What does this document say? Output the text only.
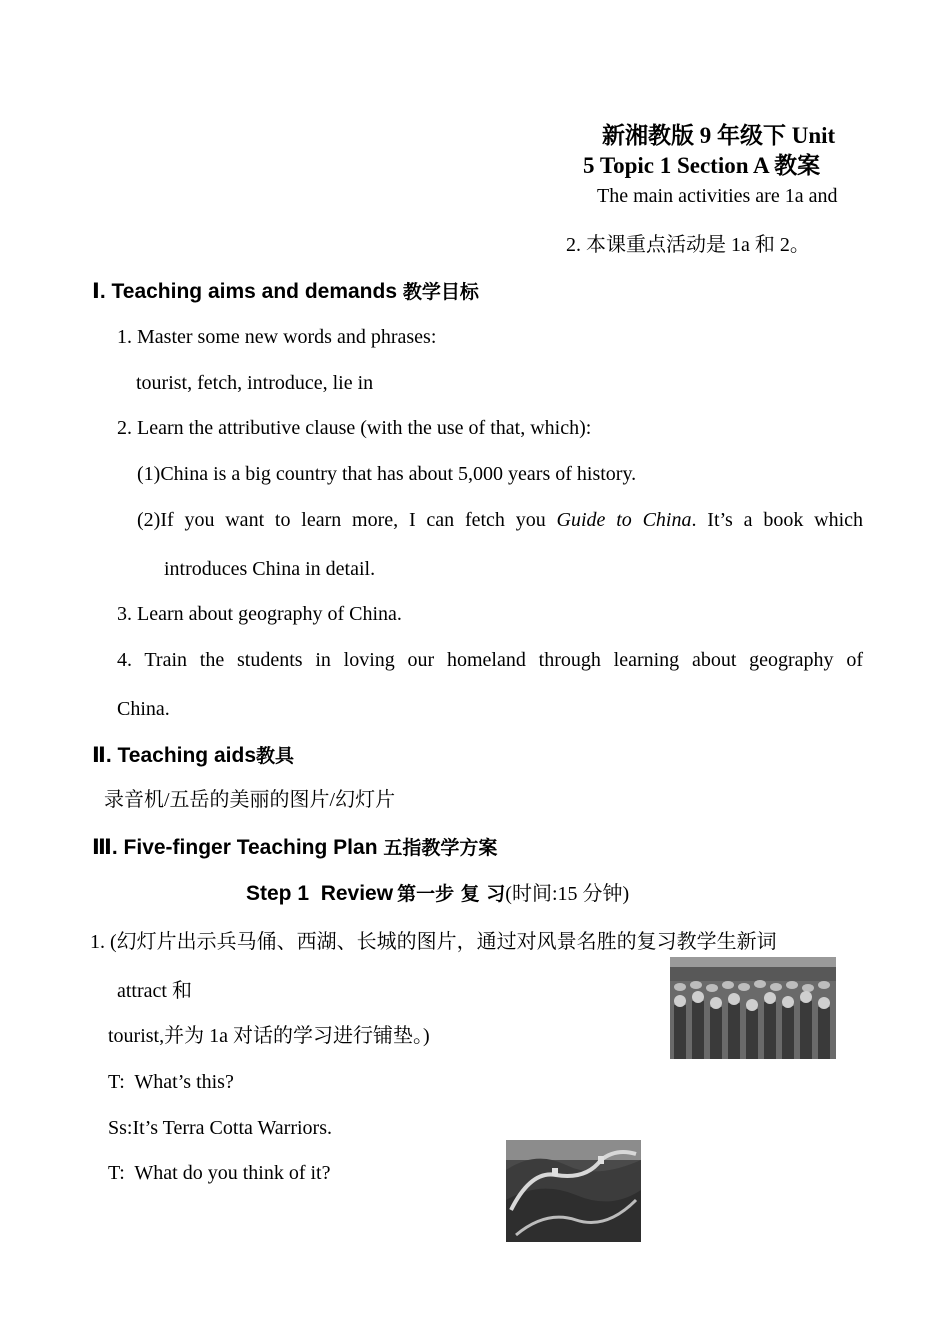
新湘教版 9 年级下 Unit
5 Topic 1 Section A 教案
The main activities are 1a and
2. 本课重点活动是 1a 和 2。
Ⅰ. Teaching aims and demands 教学目标
1. Master some new words and phrases:
tourist, fetch, introduce, lie in
2. Learn the attributive clause (with the use of that, which):
(1)China is a big country that has about 5,000 years of history.
(2)If you want to learn more, I can fetch you Guide to China. It’s a book which
introduces China in detail.
3. Learn about geography of China.
4. Train the students in loving our homeland through learning about geography of
China.
Ⅱ. Teaching aids教具
录音机/五岳的美丽的图片/幻灯片
Ⅲ. Five-finger Teaching Plan 五指教学方案
Step 1  Review 第一步 复 习(时间:15 分钟)
1. (幻灯片出示兵马俑、西湖、长城的图片，通过对风景名胜的复习教学生新词
attract 和
tourist,并为 1a 对话的学习进行铺垫。)
T:  What’s this?
Ss:It’s Terra Cotta Warriors.
T:  What do you think of it?
